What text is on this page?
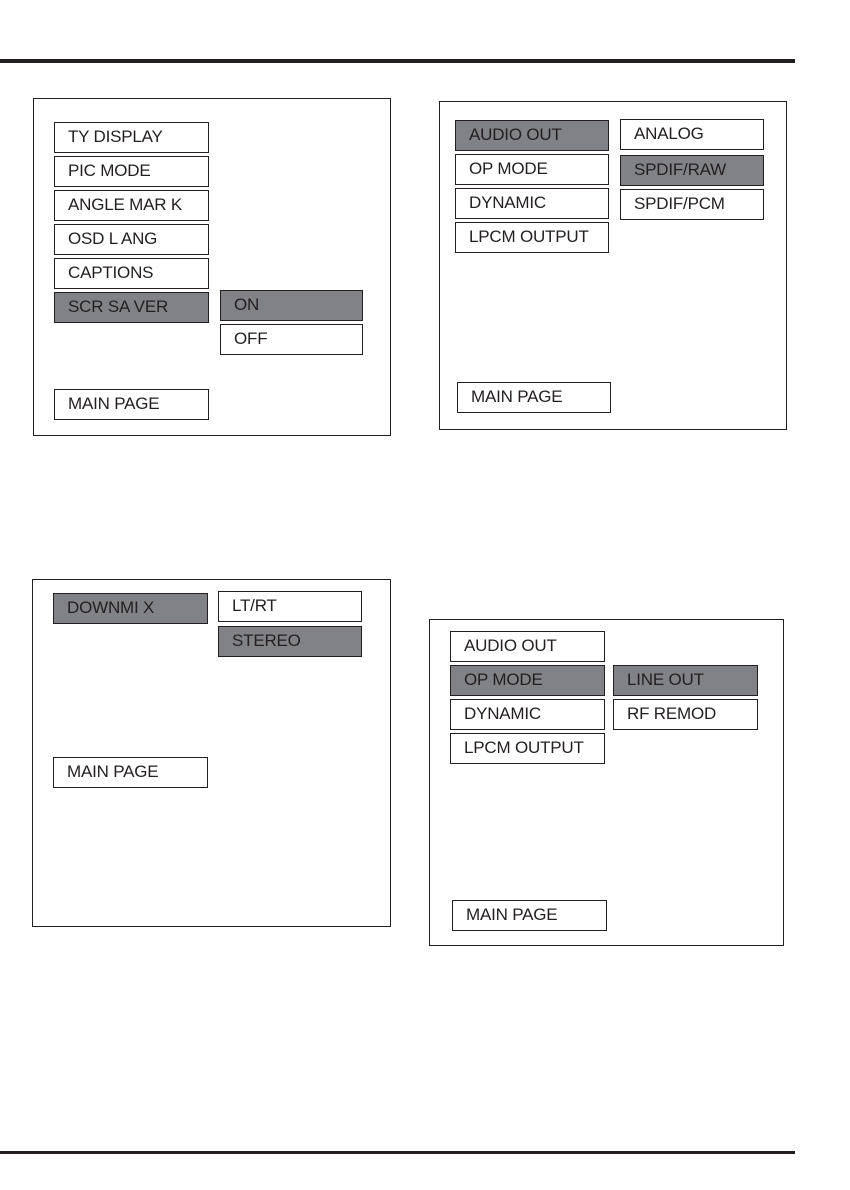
TY DISPLAY
PIC MODE
ANGLE MAR K
OSD L ANG
CAPTIONS
SCR SA VER	ON
OFF
MAIN PAGE
AUDIO OUT
OP MODE
DYNAMIC
LPCM OUTPUT
ANALOG
SPDIF/RAW
SPDIF/PCM
MAIN PAGE
DOWNMI X	LT/RT
STEREO
MAIN PAGE
AUDIO OUT
OP MODE
DYNAMIC
LPCM OUTPUT
LINE OUT
RF REMOD
MAIN PAGE
